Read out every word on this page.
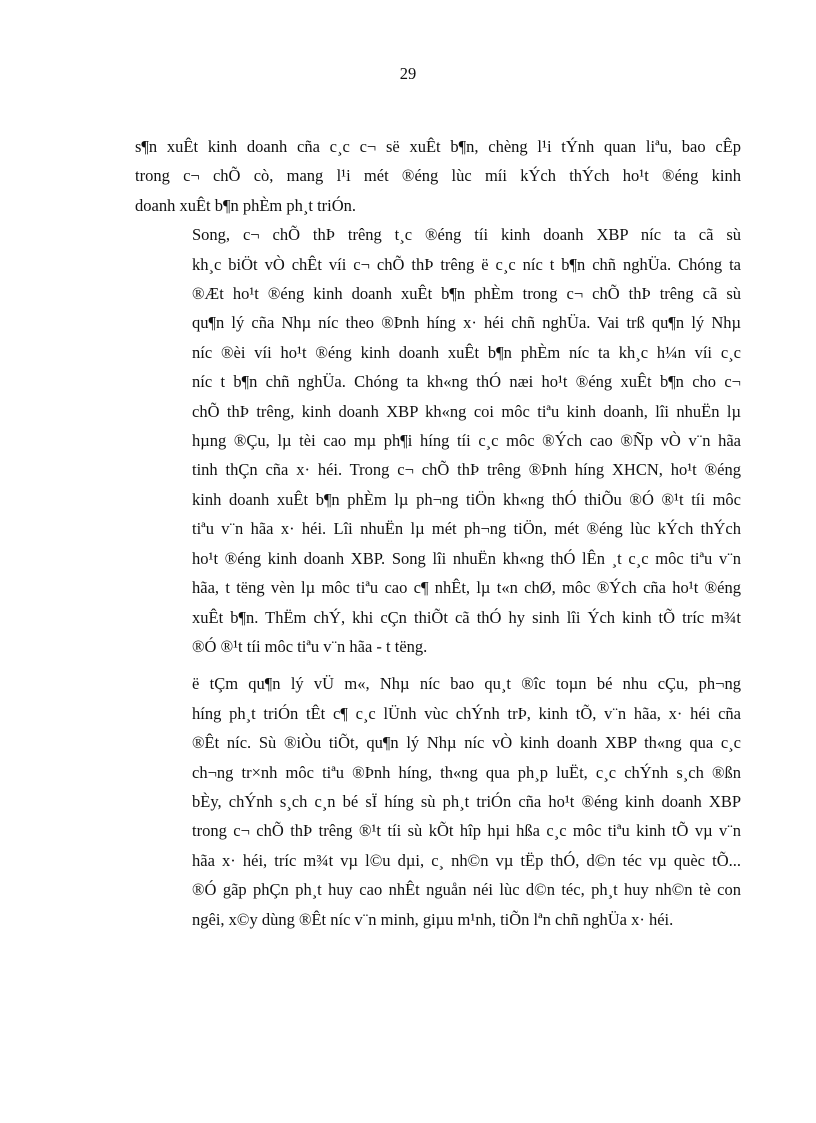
29
s¶n xuÊt kinh doanh cña c¸c c¬ së xuÊt b¶n, chèng l¹i tÝnh quan liªu, bao cÊp
trong c¬ chÕ cò, mang l¹i mét ®éng lùc míi kÝch thÝch ho¹t ®éng kinh
doanh xuÊt b¶n phÈm ph¸t triÓn.
Song, c¬ chÕ thÞ trêng t¸c ®éng tíi kinh doanh XBP níc ta cã sù
kh¸c biÖt vÒ chÊt víi c¬ chÕ thÞ trêng ë c¸c níc t b¶n chñ nghÜa. Chóng ta
®Æt ho¹t ®éng kinh doanh xuÊt b¶n phÈm trong c¬ chÕ thÞ trêng cã sù
qu¶n lý cña Nhµ níc theo ®Þnh híng x· héi chñ nghÜa. Vai trß qu¶n lý Nhµ
níc ®èi víi ho¹t ®éng kinh doanh xuÊt b¶n phÈm níc ta kh¸c h¼n víi c¸c
níc t b¶n chñ nghÜa. Chóng ta kh«ng thÓ næi ho¹t ®éng xuÊt b¶n cho c¬
chÕ thÞ trêng, kinh doanh XBP kh«ng coi môc tiªu kinh doanh, lîi nhuËn lµ
hµng ®Çu, lµ tèi cao mµ ph¶i híng tíi c¸c môc ®Ých cao ®Ñp vÒ v¨n hãa
tinh thÇn cña x· héi. Trong c¬ chÕ thÞ trêng ®Þnh híng XHCN, ho¹t ®éng
kinh doanh xuÊt b¶n phÈm lµ ph¬ng tiÖn kh«ng thÓ thiÕu ®Ó ®¹t tíi môc
tiªu v¨n hãa x· héi. Lîi nhuËn lµ mét ph¬ng tiÖn, mét ®éng lùc kÝch thÝch
ho¹t ®éng kinh doanh XBP. Song lîi nhuËn kh«ng thÓ lÊn ¸t c¸c môc tiªu v¨n
hãa, t tëng vèn lµ môc tiªu cao c¶ nhÊt, lµ t«n chØ, môc ®Ých cña ho¹t ®éng
xuÊt b¶n. ThËm chÝ, khi cÇn thiÕt cã thÓ hy sinh lîi Ých kinh tÕ tríc m¾t
®Ó ®¹t tíi môc tiªu v¨n hãa - t tëng.
ë tÇm qu¶n lý vÜ m«, Nhµ níc bao qu¸t ®îc toµn bé nhu cÇu, ph¬ng
híng ph¸t triÓn tÊt c¶ c¸c lÜnh vùc chÝnh trÞ, kinh tÕ, v¨n hãa, x· héi cña
®Êt níc. Sù ®iÒu tiÕt, qu¶n lý Nhµ níc vÒ kinh doanh XBP th«ng qua c¸c
ch¬ng tr×nh môc tiªu ®Þnh híng, th«ng qua ph¸p luËt, c¸c chÝnh s¸ch ®ßn
bÈy, chÝnh s¸ch c¸n bé sÏ híng sù ph¸t triÓn cña ho¹t ®éng kinh doanh XBP
trong c¬ chÕ thÞ trêng ®¹t tíi sù kÕt hîp hµi hßa c¸c môc tiªu kinh tÕ vµ v¨n
hãa x· héi, tríc m¾t vµ l©u dµi, c¸ nh©n vµ tËp thÓ, d©n téc vµ quèc tÕ...
®Ó gãp phÇn ph¸t huy cao nhÊt nguån néi lùc d©n téc, ph¸t huy nh©n tè con
ngêi, x©y dùng ®Êt níc v¨n minh, giµu m¹nh, tiÕn lªn chñ nghÜa x· héi.
